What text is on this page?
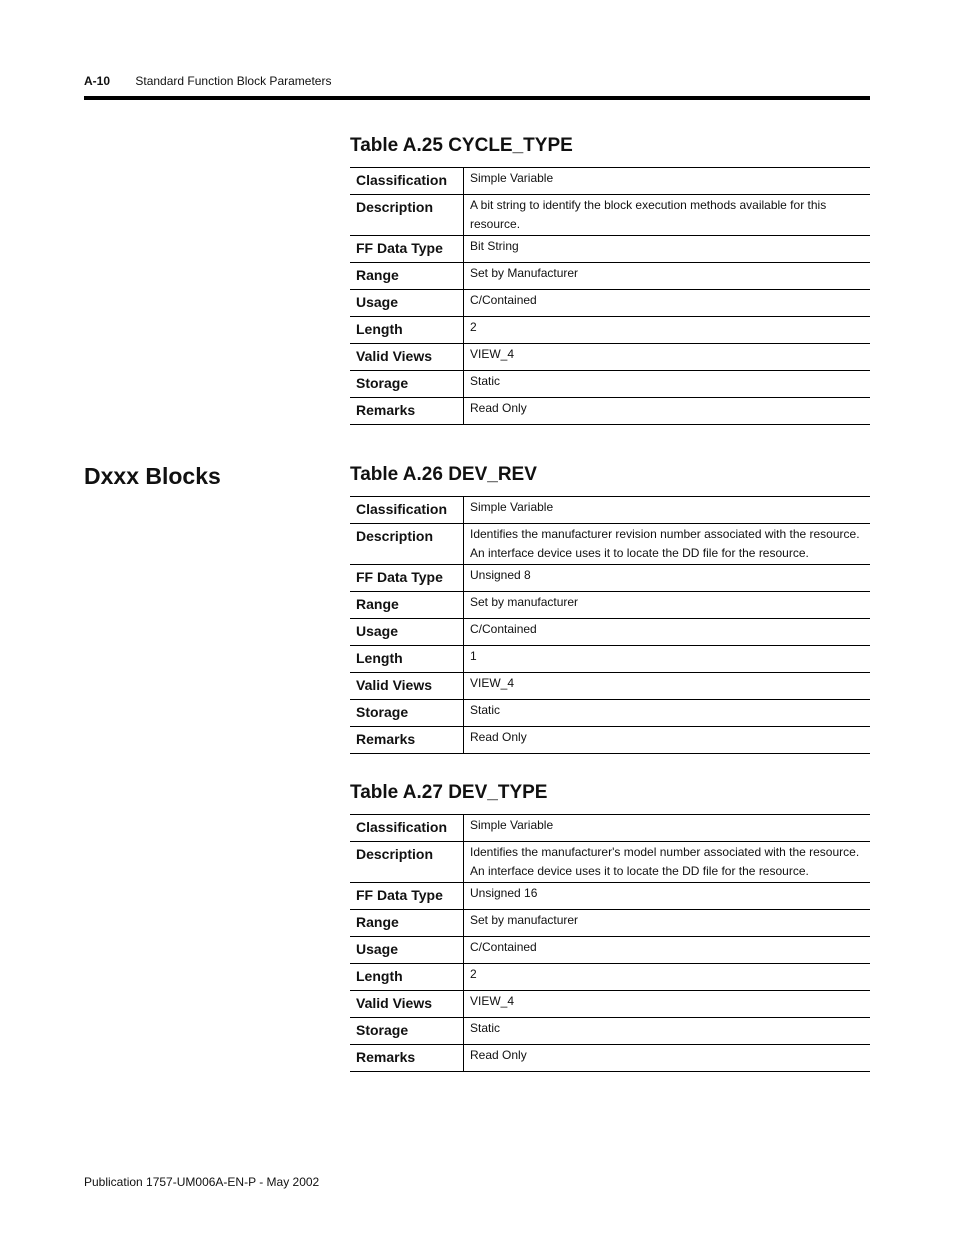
A-10 Standard Function Block Parameters
Dxxx Blocks
Table A.25 CYCLE_TYPE
Classification	Simple Variable
Description	A bit string to identify the block execution methods available for this resource.
FF Data Type	Bit String
Range	Set by Manufacturer
Usage	C/Contained
Length	2
Valid Views	VIEW_4
Storage	Static
Remarks	Read Only
Table A.26 DEV_REV
Classification	Simple Variable
Description	Identifies the manufacturer revision number associated with the resource. An interface device uses it to locate the DD file for the resource.
FF Data Type	Unsigned 8
Range	Set by manufacturer
Usage	C/Contained
Length	1
Valid Views	VIEW_4
Storage	Static
Remarks	Read Only
Table A.27 DEV_TYPE
Classification	Simple Variable
Description	Identifies the manufacturer's model number associated with the resource. An interface device uses it to locate the DD file for the resource.
FF Data Type	Unsigned 16
Range	Set by manufacturer
Usage	C/Contained
Length	2
Valid Views	VIEW_4
Storage	Static
Remarks	Read Only
Publication 1757-UM006A-EN-P - May 2002
